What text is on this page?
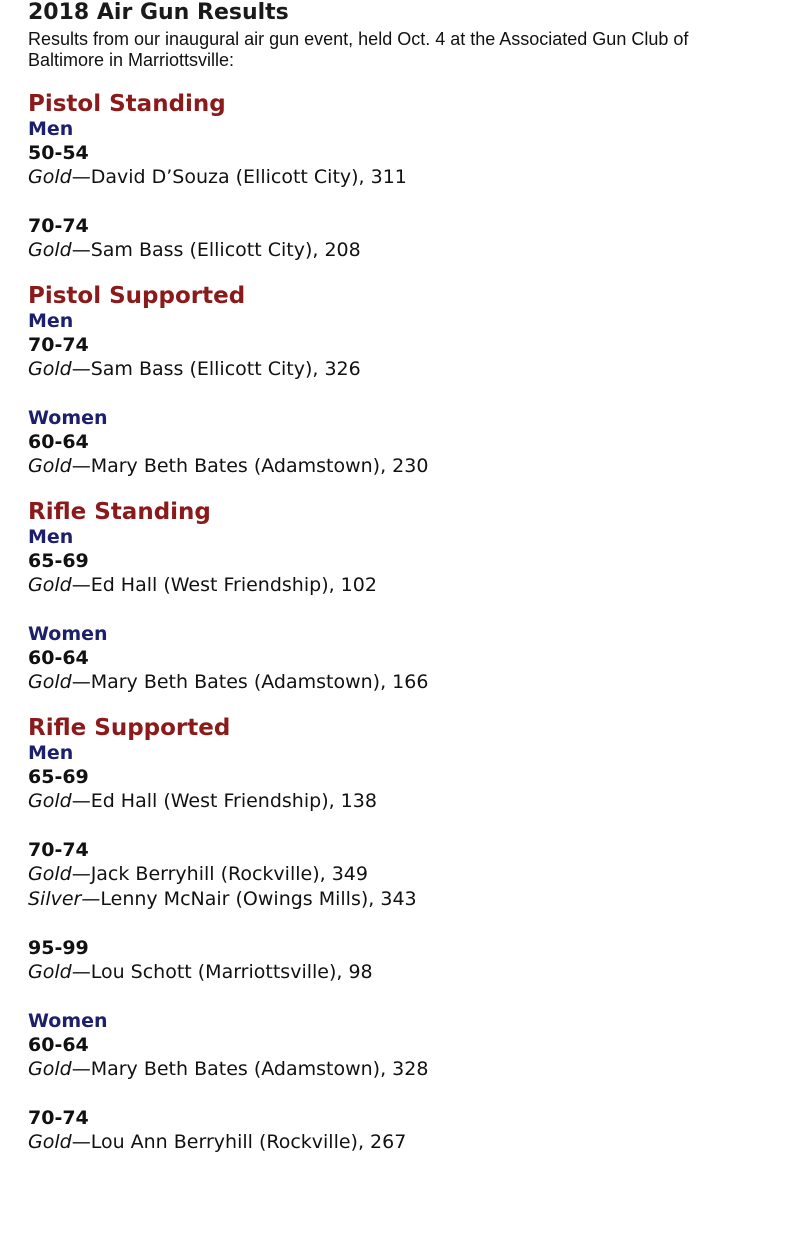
2018 Air Gun Results

Results from our inaugural air gun event, held Oct. 4 at the Associated Gun Club of Baltimore in Marriottsville:

Pistol Standing
Men
50-54
Gold—David D’Souza (Ellicott City), 311
70-74
Gold—Sam Bass (Ellicott City), 208
Pistol Supported
Men
70-74
Gold—Sam Bass (Ellicott City), 326
Women
60-64
Gold—Mary Beth Bates (Adamstown), 230
Rifle Standing
Men
65-69
Gold—Ed Hall (West Friendship), 102
Women
60-64
Gold—Mary Beth Bates (Adamstown), 166
Rifle Supported
Men
65-69
Gold—Ed Hall (West Friendship), 138
70-74
Gold—Jack Berryhill (Rockville), 349
Silver—Lenny McNair (Owings Mills), 343
95-99
Gold—Lou Schott (Marriottsville), 98
Women
60-64
Gold—Mary Beth Bates (Adamstown), 328
70-74
Gold—Lou Ann Berryhill (Rockville), 267
